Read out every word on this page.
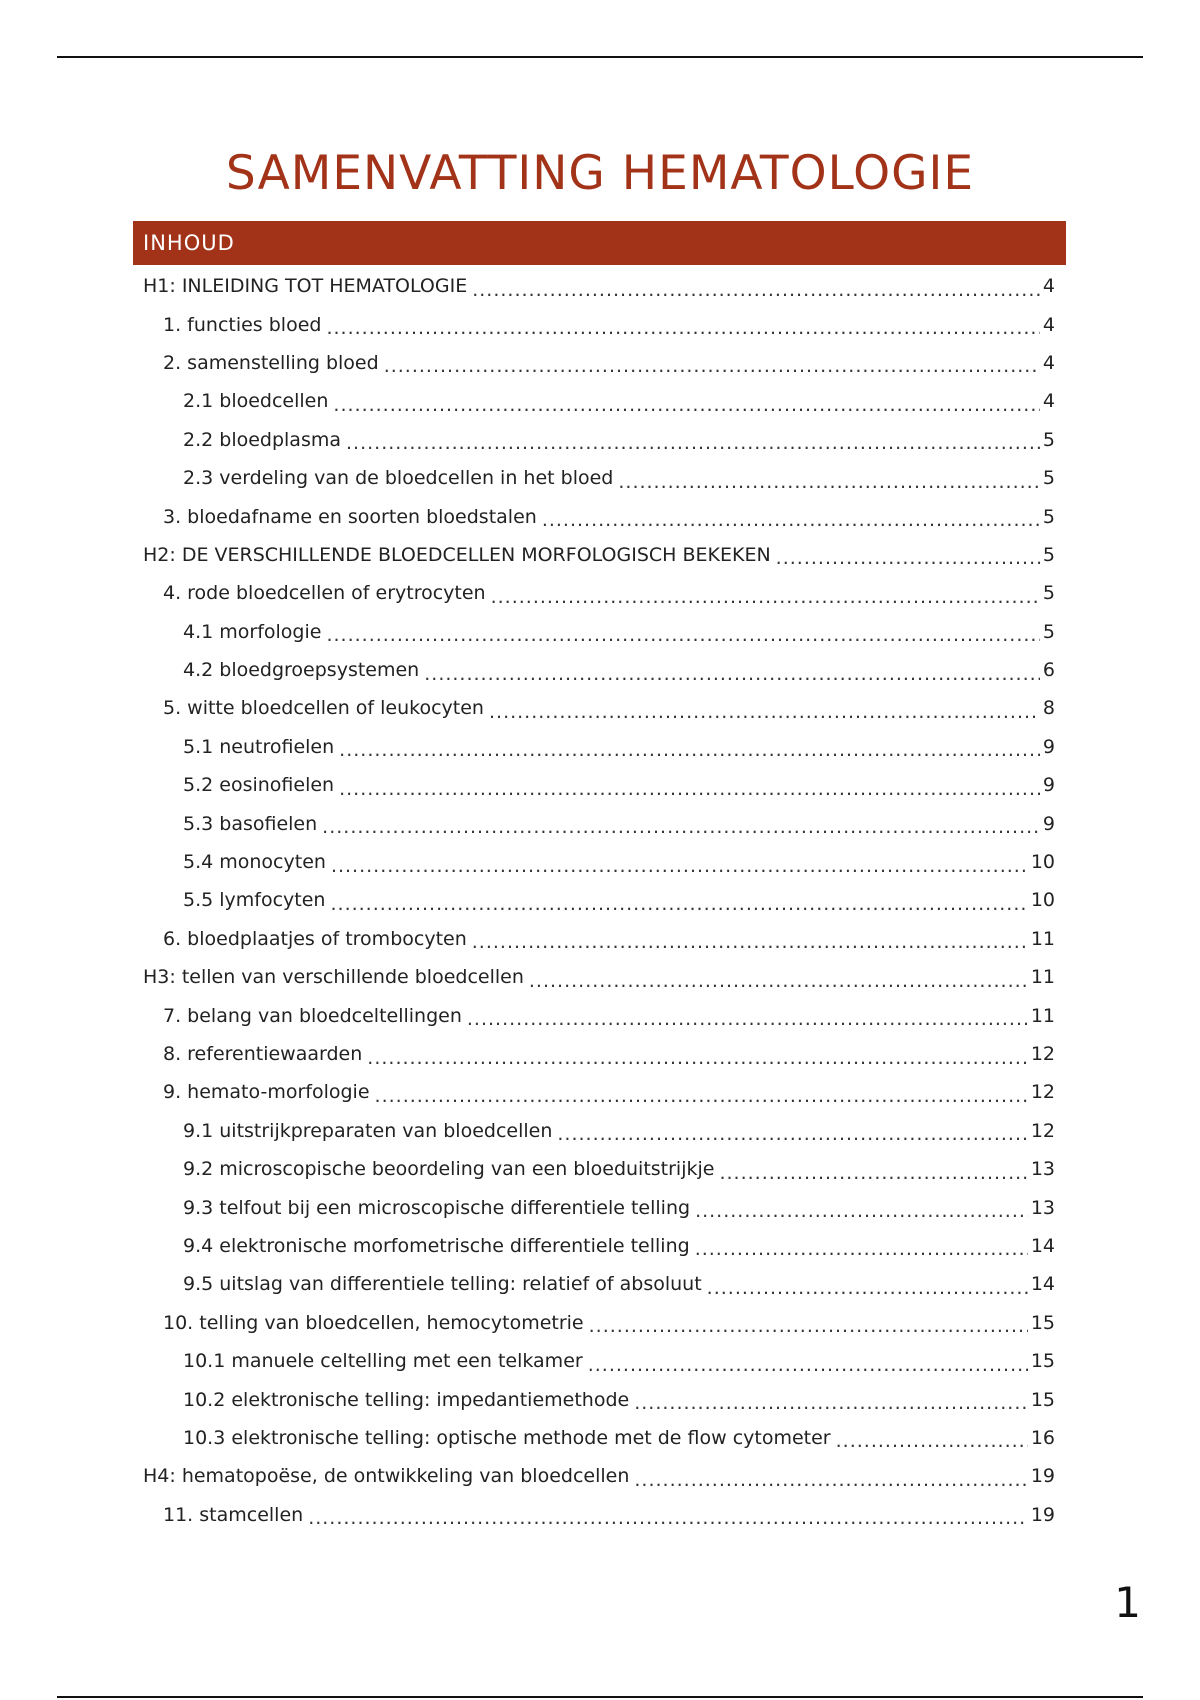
SAMENVATTING HEMATOLOGIE
INHOUD
H1: INLEIDING TOT HEMATOLOGIE .....	4
1. functies bloed .....	4
2. samenstelling bloed .....	4
2.1 bloedcellen .....	4
2.2 bloedplasma .....	5
2.3 verdeling van de bloedcellen in het bloed .....	5
3. bloedafname en soorten bloedstalen .....	5
H2: DE VERSCHILLENDE BLOEDCELLEN MORFOLOGISCH BEKEKEN .....	5
4. rode bloedcellen of erytrocyten .....	5
4.1 morfologie .....	5
4.2 bloedgroepsystemen .....	6
5. witte bloedcellen of leukocyten .....	8
5.1 neutrofielen .....	9
5.2 eosinofielen .....	9
5.3 basofielen .....	9
5.4 monocyten .....	10
5.5 lymfocyten .....	10
6. bloedplaatjes of trombocyten .....	11
H3: tellen van verschillende bloedcellen .....	11
7. belang van bloedceltellingen .....	11
8. referentiewaarden .....	12
9. hemato-morfologie .....	12
9.1 uitstrijkpreparaten van bloedcellen .....	12
9.2 microscopische beoordeling van een bloeduitstrijkje .....	13
9.3 telfout bij een microscopische differentiele telling .....	13
9.4 elektronische morfometrische differentiele telling .....	14
9.5 uitslag van differentiele telling: relatief of absoluut .....	14
10. telling van bloedcellen, hemocytometrie .....	15
10.1 manuele celtelling met een telkamer .....	15
10.2 elektronische telling: impedantiemethode .....	15
10.3 elektronische telling: optische methode met de flow cytometer .....	16
H4: hematopoëse, de ontwikkeling van bloedcellen .....	19
11. stamcellen .....	19
1
